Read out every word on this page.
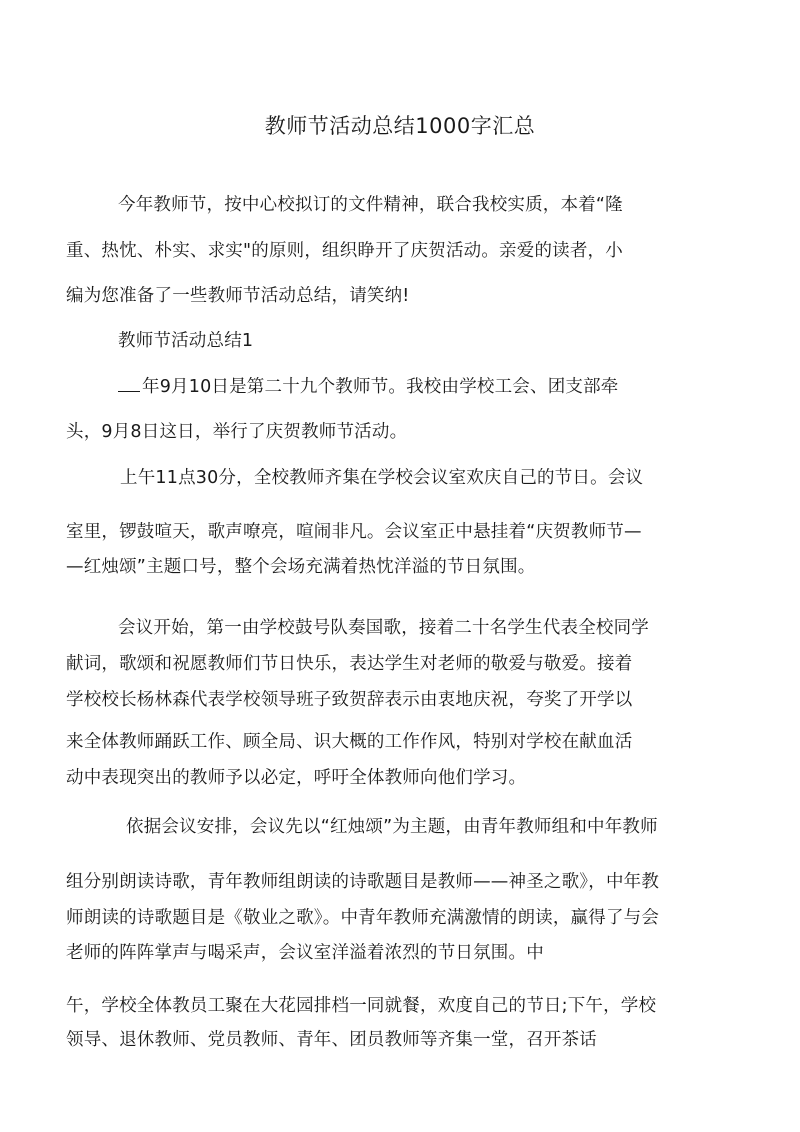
教师节活动总结1000字汇总
今年教师节，按中心校拟订的文件精神，联合我校实质，本着“隆
重、热忱、朴实、求实"的原则，组织睁开了庆贺活动。亲爱的读者，小
编为您准备了一些教师节活动总结，请笑纳!
教师节活动总结1
年9月10日是第二十九个教师节。我校由学校工会、团支部牵
头，9月8日这日，举行了庆贺教师节活动。
上午11点30分，全校教师齐集在学校会议室欢庆自己的节日。会议
室里，锣鼓喧天，歌声嘹亮，喧闹非凡。会议室正中悬挂着“庆贺教师节—
—红烛颂”主题口号，整个会场充满着热忱洋溢的节日氛围。
会议开始，第一由学校鼓号队奏国歌，接着二十名学生代表全校同学
献词，歌颂和祝愿教师们节日快乐，表达学生对老师的敬爱与敬爱。接着
学校校长杨林森代表学校领导班子致贺辞表示由衷地庆祝，夸奖了开学以
来全体教师踊跃工作、顾全局、识大概的工作作风，特别对学校在献血活
动中表现突出的教师予以必定，呼吁全体教师向他们学习。
依据会议安排，会议先以“红烛颂”为主题，由青年教师组和中年教师
组分别朗读诗歌，青年教师组朗读的诗歌题目是教师——神圣之歌》，中年教
师朗读的诗歌题目是《敬业之歌》。中青年教师充满激情的朗读，赢得了与会
老师的阵阵掌声与喝采声，会议室洋溢着浓烈的节日氛围。中
午，学校全体教员工聚在大花园排档一同就餐，欢度自己的节日;下午，学校
领导、退休教师、党员教师、青年、团员教师等齐集一堂，召开茶话
